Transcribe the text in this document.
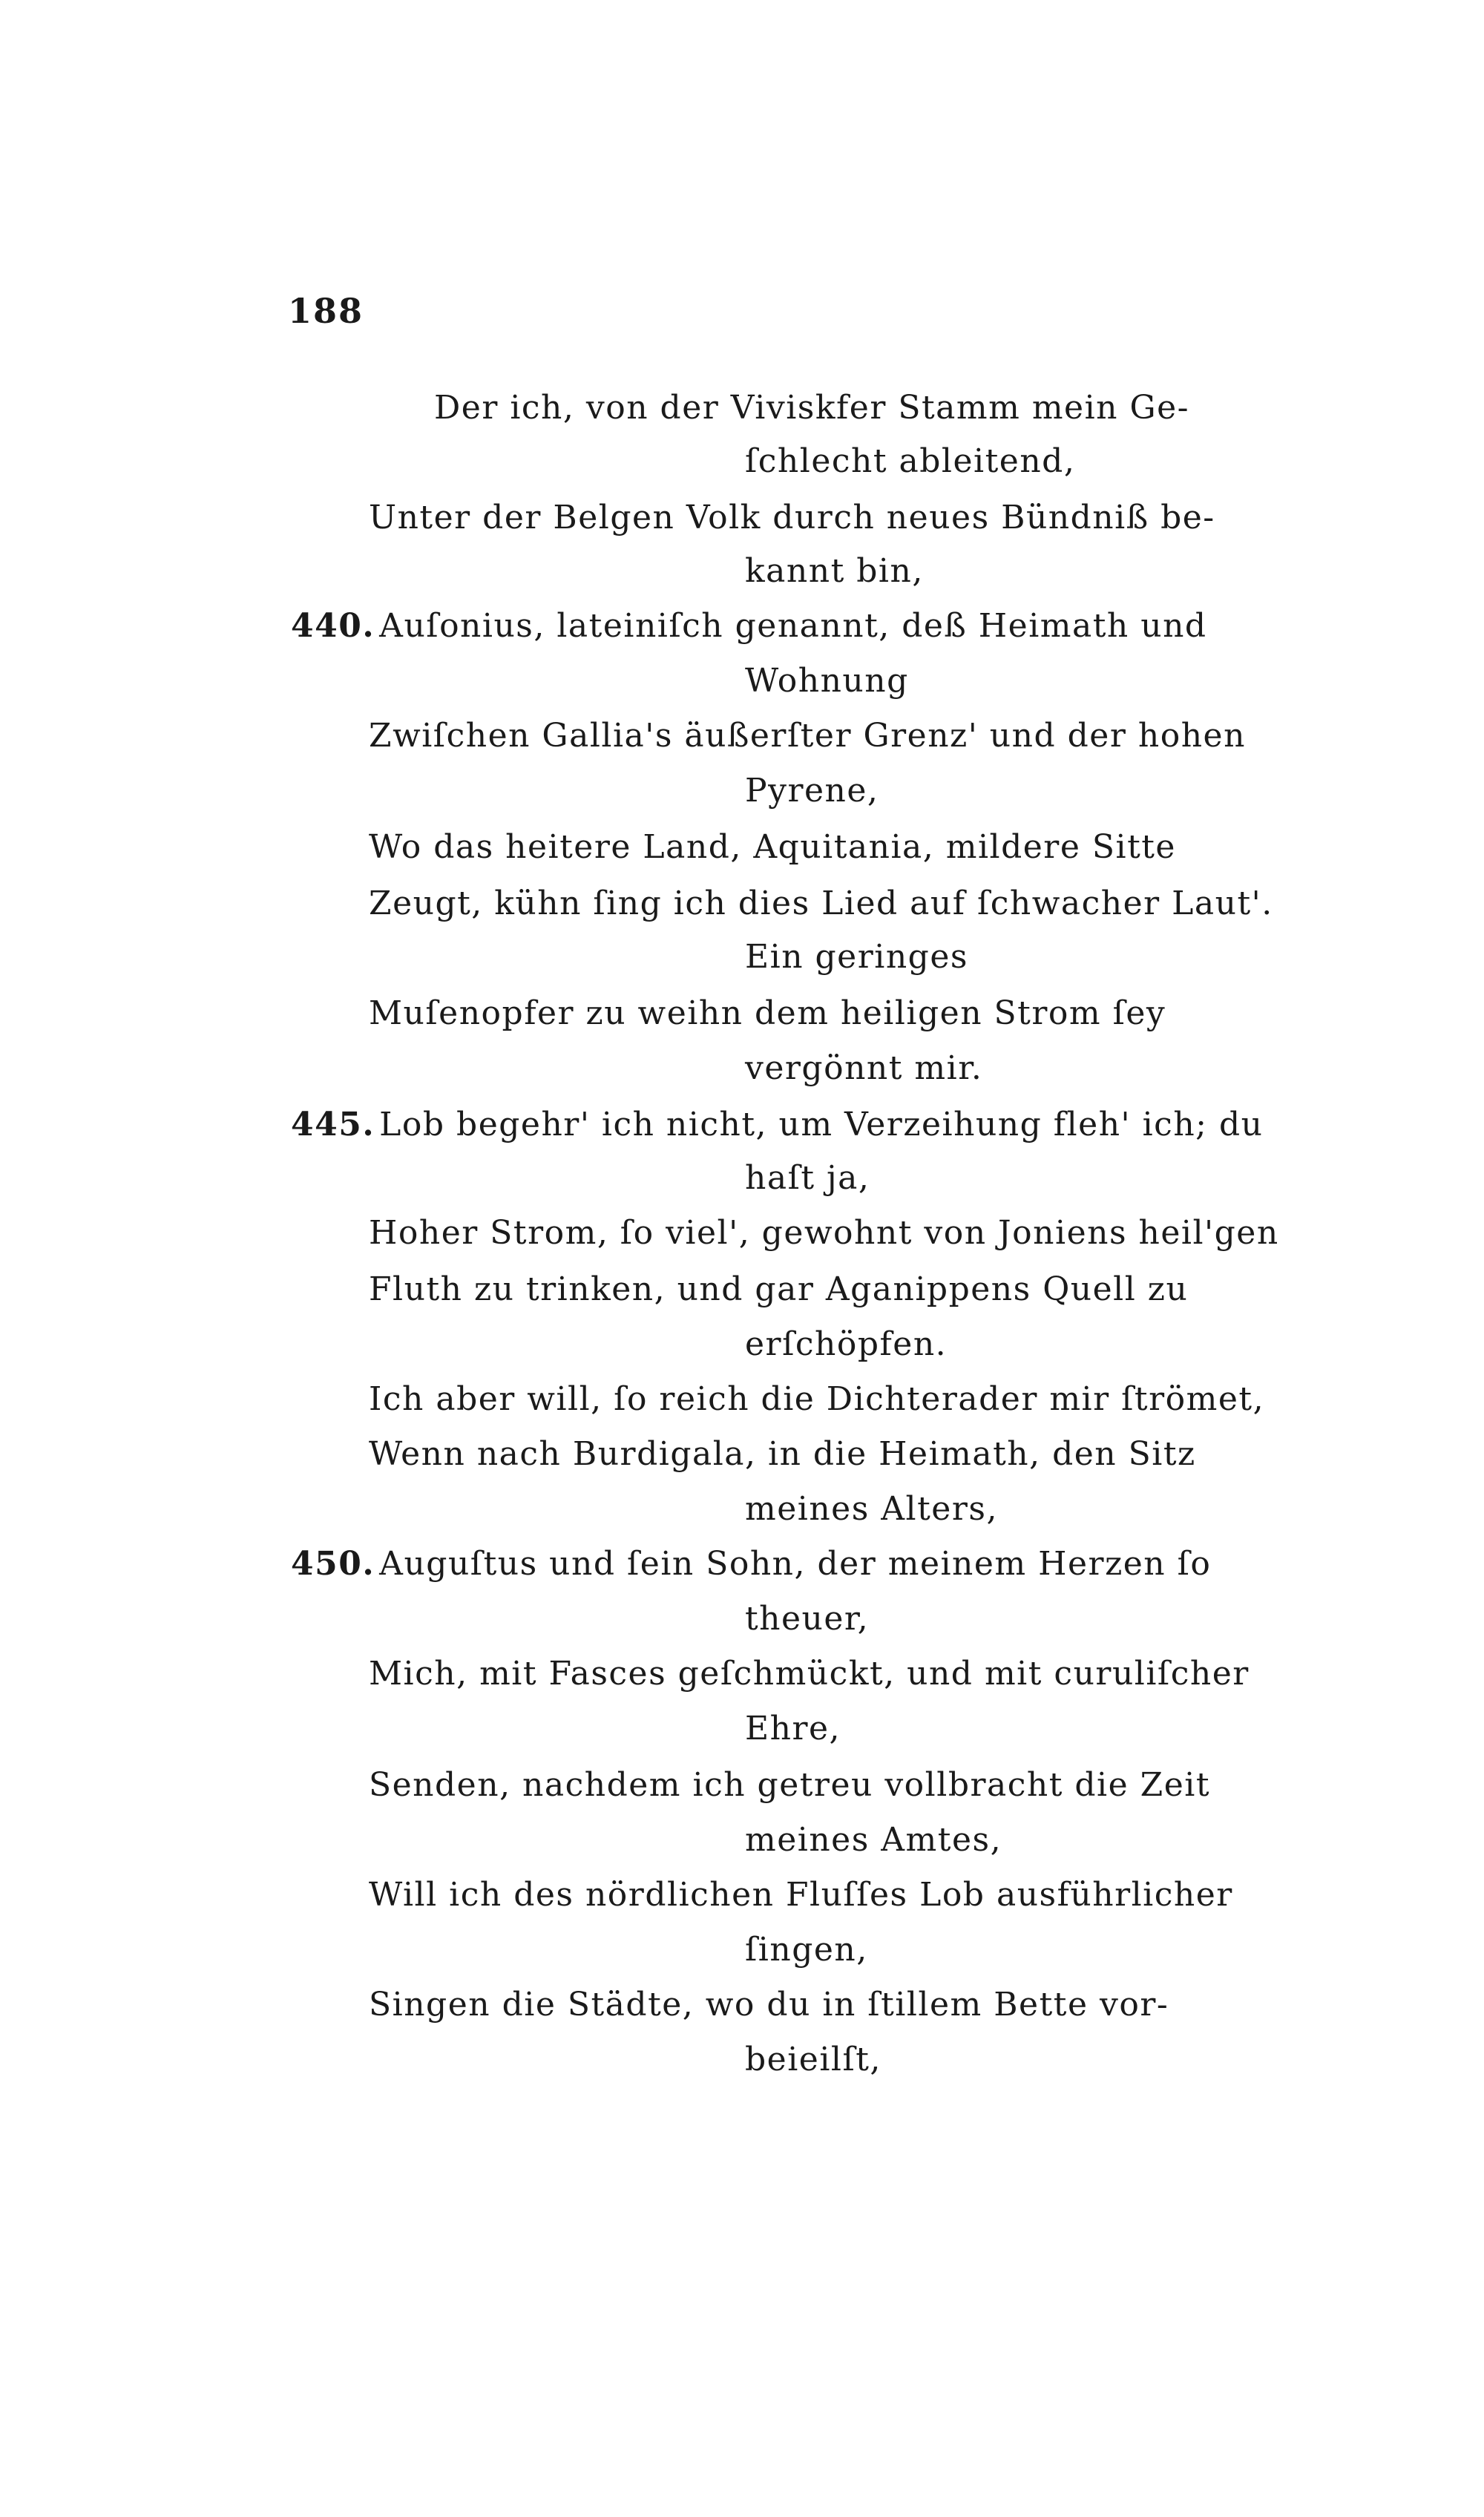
188
Der ich, von der Viviskfer Stamm mein Ge-
ſchlecht ableitend,
Unter der Belgen Volk durch neues Bündniß be-
kannt bin,
440. Auſonius, lateiniſch genannt, deß Heimath und
Wohnung
Zwiſchen Gallia's äußerſter Grenz' und der hohen
Pyrene,
Wo das heitere Land, Aquitania, mildere Sitte
Zeugt, kühn ſing ich dies Lied auf ſchwacher Laut'.
Ein geringes
Muſenopfer zu weihn dem heiligen Strom ſey
vergönnt mir.
445. Lob begehr' ich nicht, um Verzeihung fleh' ich; du
haſt ja,
Hoher Strom, ſo viel', gewohnt von Joniens heil'gen
Fluth zu trinken, und gar Aganippens Quell zu
erſchöpfen.
Ich aber will, ſo reich die Dichterader mir ſtrömet,
Wenn nach Burdigala, in die Heimath, den Sitz
meines Alters,
450. Auguſtus und ſein Sohn, der meinem Herzen ſo
theuer,
Mich, mit Fasces geſchmückt, und mit curuliſcher
Ehre,
Senden, nachdem ich getreu vollbracht die Zeit
meines Amtes,
Will ich des nördlichen Fluſſes Lob ausführlicher
ſingen,
Singen die Städte, wo du in ſtillem Bette vor-
beieilſt,
